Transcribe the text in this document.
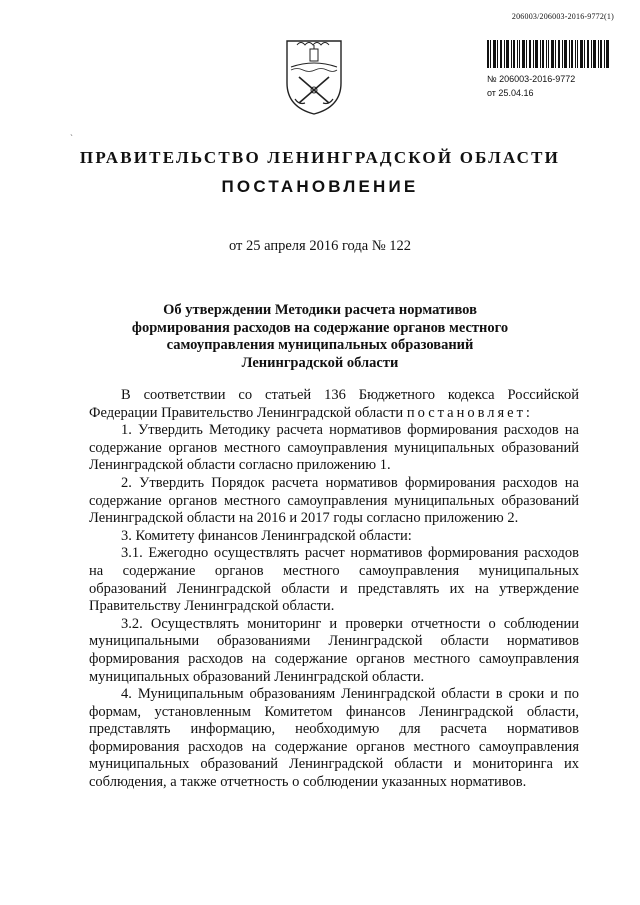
206003/206003-2016-9772(1)
№ 206003-2016-9772
от 25.04.16
`
ПРАВИТЕЛЬСТВО ЛЕНИНГРАДСКОЙ ОБЛАСТИ
ПОСТАНОВЛЕНИЕ
от 25 апреля 2016 года № 122
Об утверждении Методики расчета нормативов
формирования расходов на содержание органов местного
самоуправления муниципальных образований
Ленинградской области

В соответствии со статьей 136 Бюджетного кодекса Российской Федерации Правительство Ленинградской области постановляет:

1. Утвердить Методику расчета нормативов формирования расходов на содержание органов местного самоуправления муниципальных образований Ленинградской области согласно приложению 1.

2. Утвердить Порядок расчета нормативов формирования расходов на содержание органов местного самоуправления муниципальных образований Ленинградской области на 2016 и 2017 годы согласно приложению 2.

3. Комитету финансов Ленинградской области:

3.1. Ежегодно осуществлять расчет нормативов формирования расходов на содержание органов местного самоуправления муниципальных образований Ленинградской области и представлять их на утверждение Правительству Ленинградской области.

3.2. Осуществлять мониторинг и проверки отчетности о соблюдении муниципальными образованиями Ленинградской области нормативов формирования расходов на содержание органов местного самоуправления муниципальных образований Ленинградской области.

4. Муниципальным образованиям Ленинградской области в сроки и по формам, установленным Комитетом финансов Ленинградской области, представлять информацию, необходимую для расчета нормативов формирования расходов на содержание органов местного самоуправления муниципальных образований Ленинградской области и мониторинга их соблюдения, а также отчетность о соблюдении указанных нормативов.
